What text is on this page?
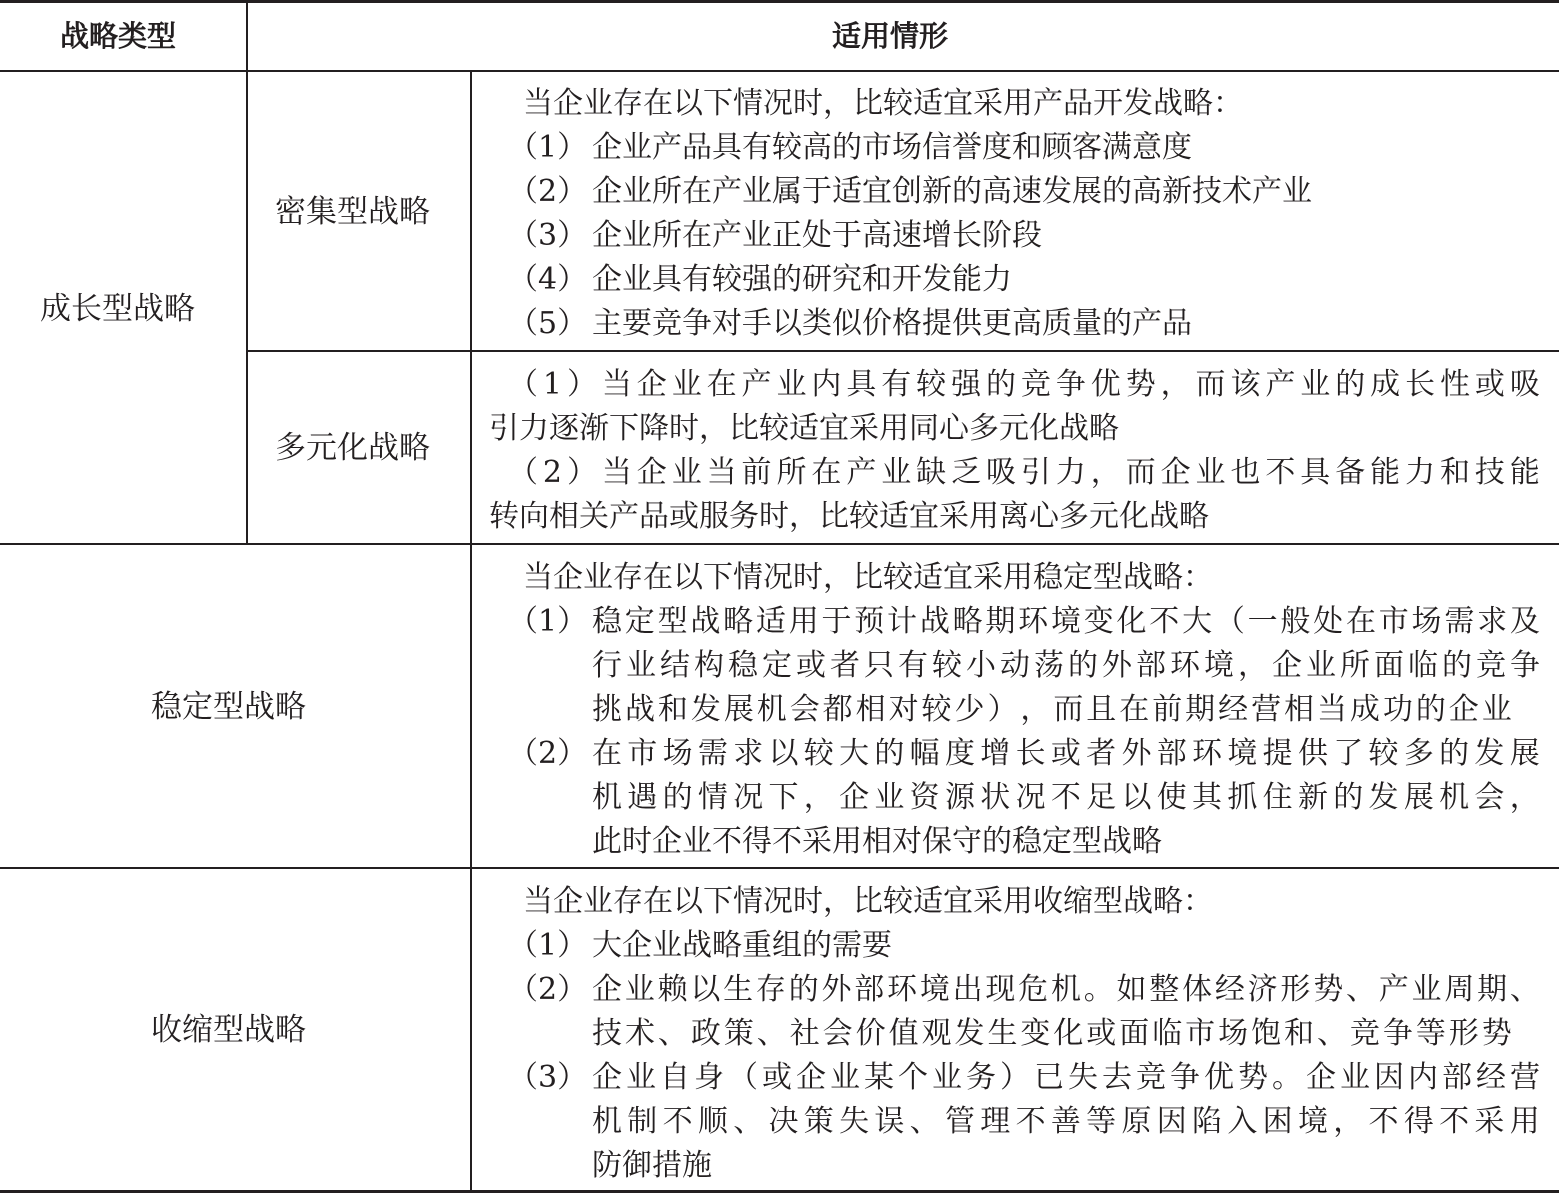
战略类型	适用情形
成长型战略
密集型战略
多元化战略
稳定型战略
收缩型战略
当企业存在以下情况时，比较适宜采用产品开发战略：
（1） 企业产品具有较高的市场信誉度和顾客满意度
（2） 企业所在产业属于适宜创新的高速发展的高新技术产业
（3） 企业所在产业正处于高速增长阶段
（4） 企业具有较强的研究和开发能力
（5） 主要竞争对手以类似价格提供更高质量的产品
（ 1 ） 当 企 业 在 产 业 内 具 有 较 强 的 竞 争 优 势 ， 而 该 产 业 的 成 长 性 或 吸
引力逐渐下降时，比较适宜采用同心多元化战略
（ 2 ） 当 企 业 当 前 所 在 产 业 缺 乏 吸 引 力 ， 而 企 业 也 不 具 备 能 力 和 技 能
转向相关产品或服务时，比较适宜采用离心多元化战略
当企业存在以下情况时，比较适宜采用稳定型战略：
（1） 稳 定 型 战 略 适 用 于 预 计 战 略 期 环 境 变 化 不 大 （ 一 般 处 在 市 场 需 求 及
行 业 结 构 稳 定 或 者 只 有 较 小 动 荡 的 外 部 环 境 ， 企 业 所 面 临 的 竞 争
挑 战 和 发 展 机 会 都 相 对 较 少 ） ， 而 且 在 前 期 经 营 相 当 成 功 的 企 业
（2） 在 市 场 需 求 以 较 大 的 幅 度 增 长 或 者 外 部 环 境 提 供 了 较 多 的 发 展
机 遇 的 情 况 下 ， 企 业 资 源 状 况 不 足 以 使 其 抓 住 新 的 发 展 机 会 ，
此时企业不得不采用相对保守的稳定型战略
当企业存在以下情况时，比较适宜采用收缩型战略：
（1） 大企业战略重组的需要
（2） 企 业 赖 以 生 存 的 外 部 环 境 出 现 危 机 。 如 整 体 经 济 形 势 、 产 业 周 期 、
技 术 、 政 策 、 社 会 价 值 观 发 生 变 化 或 面 临 市 场 饱 和 、 竞 争 等 形 势
（3） 企 业 自 身 （ 或 企 业 某 个 业 务 ） 已 失 去 竞 争 优 势 。 企 业 因 内 部 经 营
机 制 不 顺 、 决 策 失 误 、 管 理 不 善 等 原 因 陷 入 困 境 ， 不 得 不 采 用
防御措施
